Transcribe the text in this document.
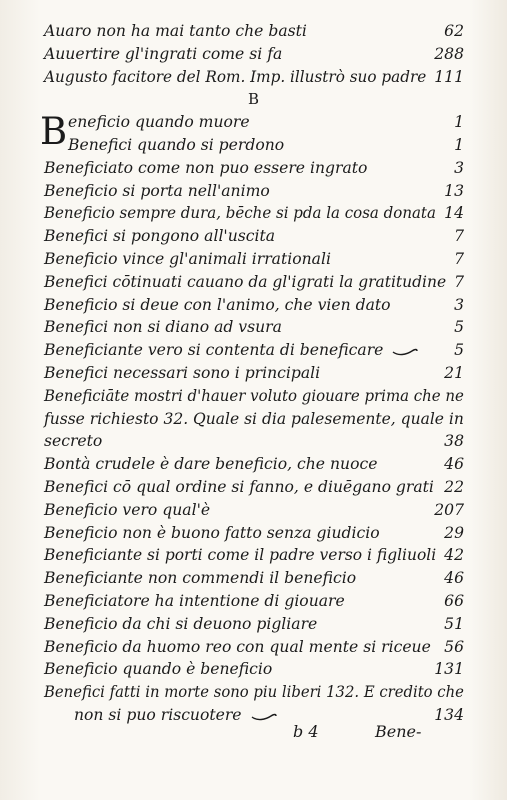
Auaro non ha mai tanto che basti	62
Auuertire gl'ingrati come si fa	288
Augusto facitore del Rom. Imp. illustrò suo padre 111
B
B eneficio quando muore	1
Benefici quando si perdono	1
Beneficiato come non puo essere ingrato	3
Beneficio si porta nell'animo	13
Beneficio sempre dura, bēche si pda la cosa donata 14
Benefici si pongono all'uscita	7
Beneficio vince gl'animali irrationali	7
Benefici cōtinuati cauano da gl'igrati la gratitudine 7
Beneficio si deue con l'animo, che vien dato	3
Benefici non si diano ad vsura	5
Beneficiante vero si contenta di beneficare	5
Benefici necessari sono i principali	21
Beneficiāte mostri d'hauer voluto giouare prima che ne
fusse richiesto 32. Quale si dia palesemente, quale in
secreto	38
Bontà crudele è dare beneficio, che nuoce	46
Benefici cō qual ordine si fanno, e diuēgano grati 22
Beneficio vero qual'è	207
Beneficio non è buono fatto senza giudicio	29
Beneficiante si porti come il padre verso i figliuoli 42
Beneficiante non commendi il beneficio	46
Beneficiatore ha intentione di giouare	66
Beneficio da chi si deuono pigliare	51
Beneficio da huomo reo con qual mente si riceue 56
Beneficio quando è beneficio	131
Benefici fatti in morte sono piu liberi 132. E credito che
non si puo riscuotere	134
b 4	Bene-
